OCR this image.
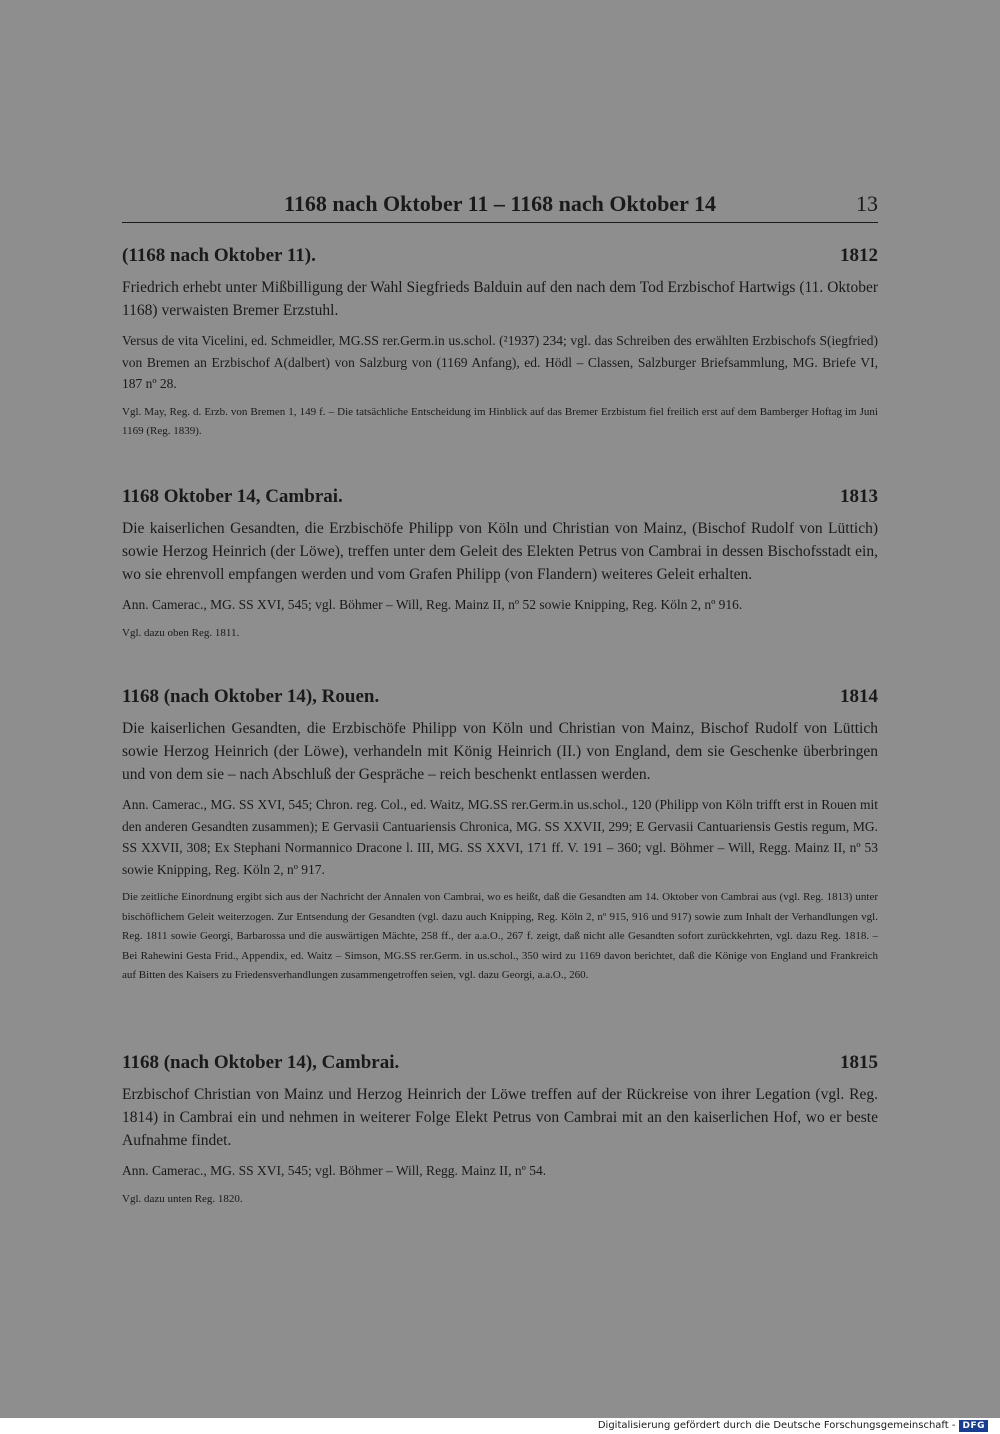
1168 nach Oktober 11 – 1168 nach Oktober 14	13
(1168 nach Oktober 11).	1812

Friedrich erhebt unter Mißbilligung der Wahl Siegfrieds Balduin auf den nach dem Tod Erzbischof Hartwigs (11. Oktober 1168) verwaisten Bremer Erzstuhl.

Versus de vita Vicelini, ed. Schmeidler, MG.SS rer.Germ.in us.schol. (²1937) 234; vgl. das Schreiben des erwählten Erzbischofs S(iegfried) von Bremen an Erzbischof A(dalbert) von Salzburg von (1169 Anfang), ed. Hödl – Classen, Salzburger Briefsammlung, MG. Briefe VI, 187 nº 28.

Vgl. May, Reg. d. Erzb. von Bremen 1, 149 f. – Die tatsächliche Entscheidung im Hinblick auf das Bremer Erzbistum fiel freilich erst auf dem Bamberger Hoftag im Juni 1169 (Reg. 1839).

1168 Oktober 14, Cambrai.	1813

Die kaiserlichen Gesandten, die Erzbischöfe Philipp von Köln und Christian von Mainz, (Bischof Rudolf von Lüttich) sowie Herzog Heinrich (der Löwe), treffen unter dem Geleit des Elekten Petrus von Cambrai in dessen Bischofsstadt ein, wo sie ehrenvoll empfangen werden und vom Grafen Philipp (von Flandern) weiteres Geleit erhalten.

Ann. Camerac., MG. SS XVI, 545; vgl. Böhmer – Will, Reg. Mainz II, nº 52 sowie Knipping, Reg. Köln 2, nº 916.

Vgl. dazu oben Reg. 1811.

1168 (nach Oktober 14), Rouen.	1814

Die kaiserlichen Gesandten, die Erzbischöfe Philipp von Köln und Christian von Mainz, Bischof Rudolf von Lüttich sowie Herzog Heinrich (der Löwe), verhandeln mit König Heinrich (II.) von England, dem sie Geschenke überbringen und von dem sie – nach Abschluß der Gespräche – reich beschenkt entlassen werden.

Ann. Camerac., MG. SS XVI, 545; Chron. reg. Col., ed. Waitz, MG.SS rer.Germ.in us.schol., 120 (Philipp von Köln trifft erst in Rouen mit den anderen Gesandten zusammen); E Gervasii Cantuariensis Chronica, MG. SS XXVII, 299; E Gervasii Cantuariensis Gestis regum, MG. SS XXVII, 308; Ex Stephani Normannico Dracone l. III, MG. SS XXVI, 171 ff. V. 191 – 360; vgl. Böhmer – Will, Regg. Mainz II, nº 53 sowie Knipping, Reg. Köln 2, nº 917.

Die zeitliche Einordnung ergibt sich aus der Nachricht der Annalen von Cambrai, wo es heißt, daß die Gesandten am 14. Oktober von Cambrai aus (vgl. Reg. 1813) unter bischöflichem Geleit weiterzogen. Zur Entsendung der Gesandten (vgl. dazu auch Knipping, Reg. Köln 2, nº 915, 916 und 917) sowie zum Inhalt der Verhandlungen vgl. Reg. 1811 sowie Georgi, Barbarossa und die auswärtigen Mächte, 258 ff., der a.a.O., 267 f. zeigt, daß nicht alle Gesandten sofort zurückkehrten, vgl. dazu Reg. 1818. – Bei Rahewini Gesta Frid., Appendix, ed. Waitz – Simson, MG.SS rer.Germ. in us.schol., 350 wird zu 1169 davon berichtet, daß die Könige von England und Frankreich auf Bitten des Kaisers zu Friedensverhandlungen zusammengetroffen seien, vgl. dazu Georgi, a.a.O., 260.

1168 (nach Oktober 14), Cambrai.	1815

Erzbischof Christian von Mainz und Herzog Heinrich der Löwe treffen auf der Rückreise von ihrer Legation (vgl. Reg. 1814) in Cambrai ein und nehmen in weiterer Folge Elekt Petrus von Cambrai mit an den kaiserlichen Hof, wo er beste Aufnahme findet.

Ann. Camerac., MG. SS XVI, 545; vgl. Böhmer – Will, Regg. Mainz II, nº 54.

Vgl. dazu unten Reg. 1820.

Digitalisierung gefördert durch die Deutsche Forschungsgemeinschaft - DFG
